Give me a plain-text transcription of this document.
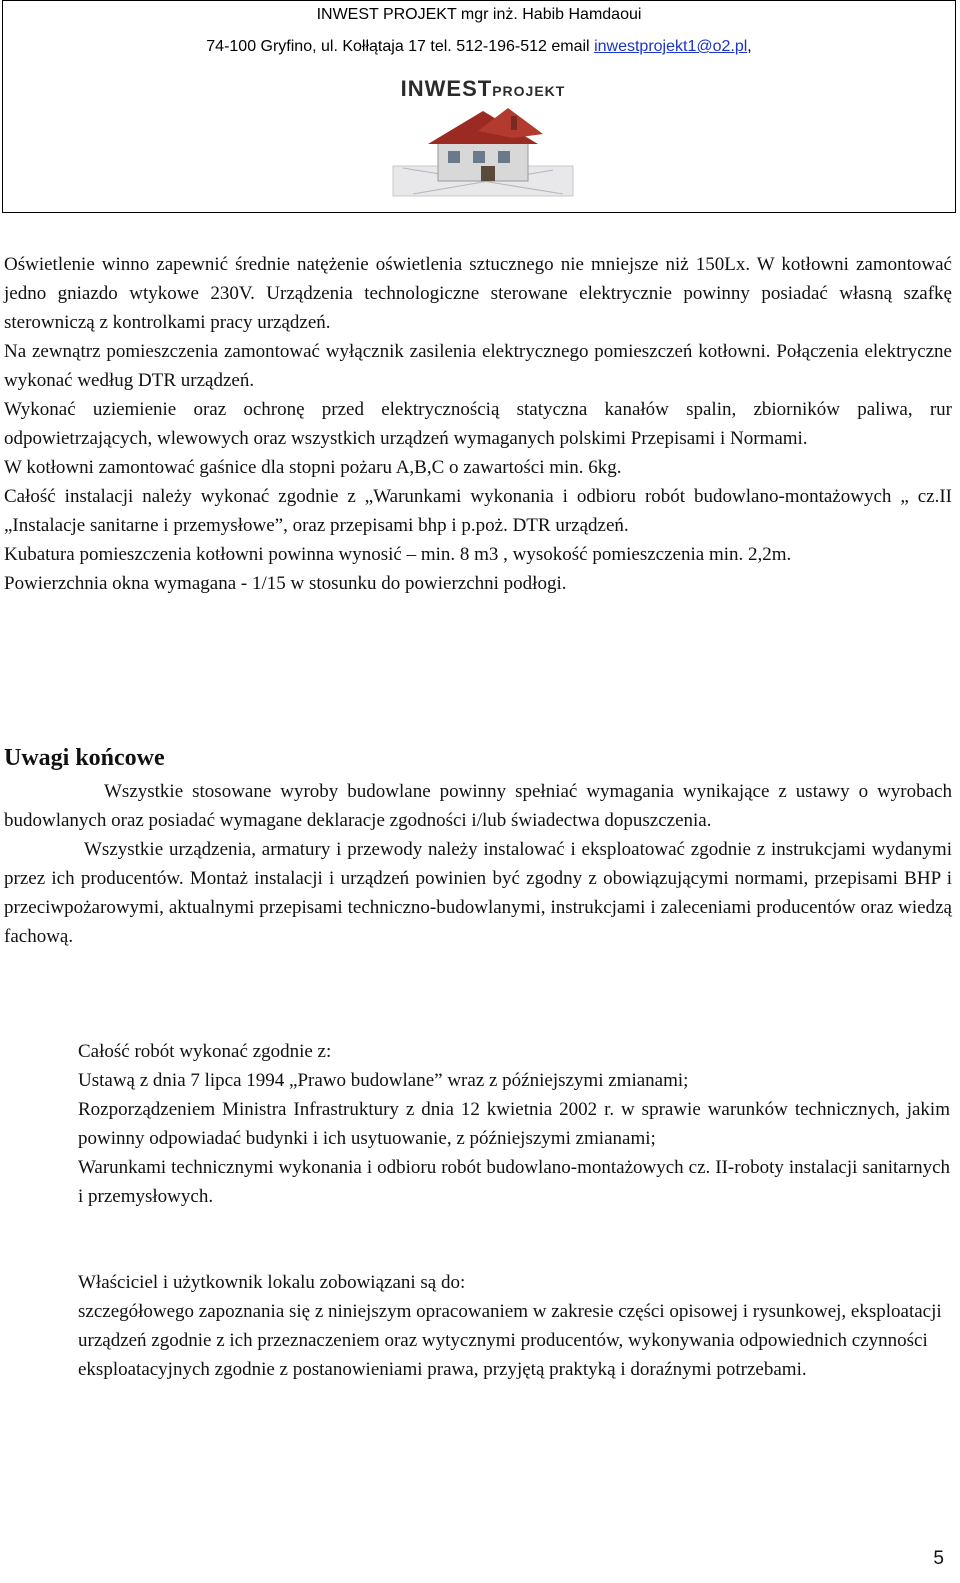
INWEST PROJEKT mgr inż. Habib Hamdaoui
74-100 Gryfino, ul. Kołłątaja 17 tel. 512-196-512 email inwestprojekt1@o2.pl,
INWESTPROJEKT

Oświetlenie winno zapewnić średnie natężenie oświetlenia sztucznego nie mniejsze niż 150Lx. W kotłowni zamontować jedno gniazdo wtykowe 230V. Urządzenia technologiczne sterowane elektrycznie powinny posiadać własną szafkę sterowniczą z kontrolkami pracy urządzeń.

Na zewnątrz pomieszczenia zamontować wyłącznik zasilenia elektrycznego pomieszczeń kotłowni. Połączenia elektryczne wykonać według DTR urządzeń.

Wykonać uziemienie oraz ochronę przed elektrycznością statyczna kanałów spalin, zbiorników paliwa, rur odpowietrzających, wlewowych oraz wszystkich urządzeń wymaganych polskimi Przepisami i Normami.

W kotłowni zamontować gaśnice dla stopni pożaru A,B,C o zawartości min. 6kg.

Całość instalacji należy wykonać zgodnie z „Warunkami wykonania i odbioru robót budowlano-montażowych „ cz.II „Instalacje sanitarne i przemysłowe”, oraz przepisami bhp i p.poż. DTR urządzeń.

Kubatura pomieszczenia kotłowni powinna wynosić – min. 8 m3 , wysokość pomieszczenia min. 2,2m.

Powierzchnia okna wymagana - 1/15 w stosunku do powierzchni podłogi.

Uwagi końcowe

Wszystkie stosowane wyroby budowlane powinny spełniać wymagania wynikające z ustawy o wyrobach budowlanych oraz posiadać wymagane deklaracje zgodności i/lub świadectwa dopuszczenia.

Wszystkie urządzenia, armatury i przewody należy instalować i eksploatować zgodnie z instrukcjami wydanymi przez ich producentów. Montaż instalacji i urządzeń powinien być zgodny z obowiązującymi normami, przepisami BHP i przeciwpożarowymi, aktualnymi przepisami techniczno-budowlanymi, instrukcjami i zaleceniami producentów oraz wiedzą fachową.

Całość robót wykonać zgodnie z:

Ustawą z dnia 7 lipca 1994 „Prawo budowlane” wraz z późniejszymi zmianami;

Rozporządzeniem Ministra Infrastruktury z dnia 12 kwietnia 2002 r. w sprawie warunków technicznych, jakim powinny odpowiadać budynki i ich usytuowanie, z późniejszymi zmianami;

Warunkami technicznymi wykonania i odbioru robót budowlano-montażowych cz. II-roboty instalacji sanitarnych i przemysłowych.

Właściciel i użytkownik lokalu zobowiązani są do:

szczegółowego zapoznania się z niniejszym opracowaniem w zakresie części opisowej i rysunkowej, eksploatacji urządzeń zgodnie z ich przeznaczeniem oraz wytycznymi producentów, wykonywania odpowiednich czynności eksploatacyjnych zgodnie z postanowieniami prawa, przyjętą praktyką i doraźnymi potrzebami.

5
